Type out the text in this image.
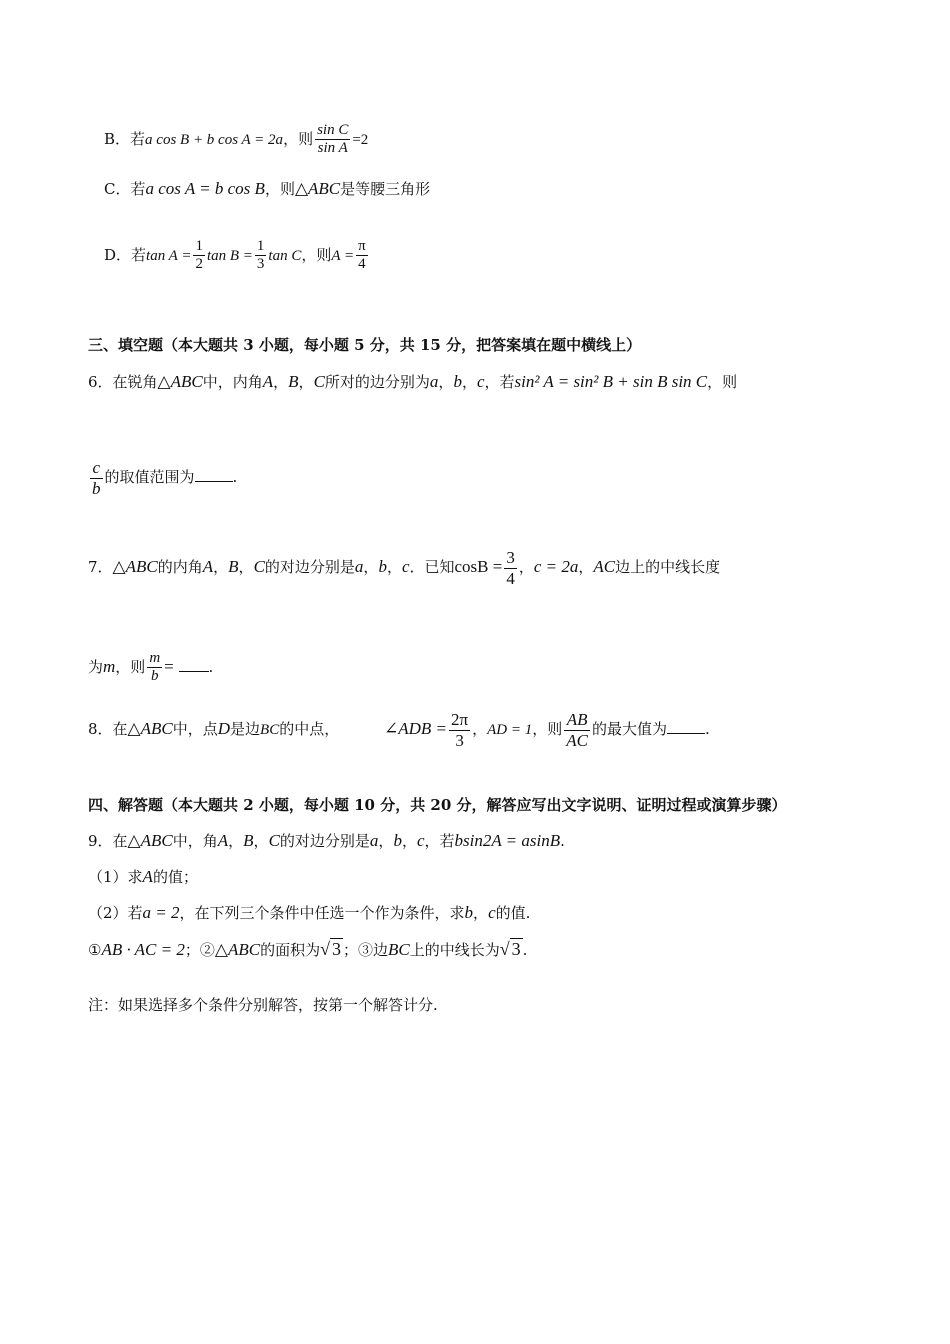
B．若a cos B + b cos A = 2a，则 $\frac{\text{sin C}}{\text{sin A}} =2$
C．若a cos A = b cos B，则△ABC是等腰三角形
D．若$\tan A = \frac{1}{2}$ $\tan B = \frac{1}{3}$ tan C，则$A = \frac{\pi}{4}$
三、填空题（本大题共 3 小题，每小题 5 分，共 15 分，把答案填在题中横线上）
6．在锐角△ABC中，内角A，B，C所对的边分别为a，b，c，若sin² A = sin² B + sin B sin C，则
$\frac{c}{b}$ 的取值范围为	.
7．△ABC的内角A，B，C的对边分别是a，b，c．已知$\cos B = \frac{3}{4}$ ，c = 2a，AC边上的中线长度
为m，则 $\frac{m}{b}$ = .
8．在△ABC中，点D是边BC的中点，	∠ADB = $\frac{2\pi}{3}$ ，AD = 1，则 $\frac{AB}{AC}$ 的最大值为	.
四、解答题（本大题共 2 小题，每小题 10 分，共 20 分，解答应写出文字说明、证明过程或演算步骤）
9．在△ABC中，角A，B，C的对边分别是a，b，c，若bsin2A = asinB.
（1）求A的值；
（2）若a = 2，在下列三个条件中任选一个作为条件，求b，c的值.
①AB · AC = 2；②△ABC的面积为√ 3 ；③边BC上的中线长为√ 3 .
注：如果选择多个条件分别解答，按第一个解答计分.
